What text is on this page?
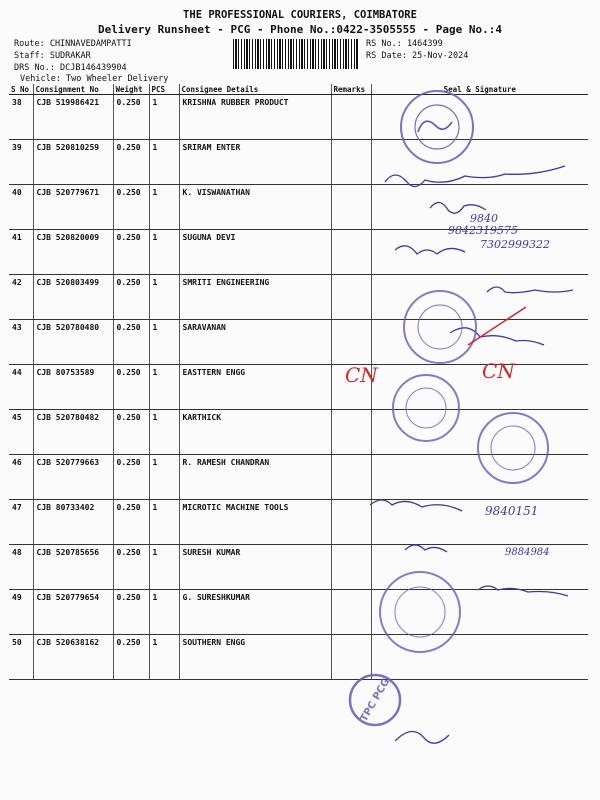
THE PROFESSIONAL COURIERS, COIMBATORE
Delivery Runsheet - PCG - Phone No.:0422-3505555 - Page No.:4
Route: CHINNAVEDAMPATTI
Staff: SUDRAKAR
DRS No.: DCJB146439904
Vehicle: Two Wheeler Delivery
RS No.: 1464399
RS Date: 25-Nov-2024
S No	Consignment No	Weight	PCS	Consignee Details	Remarks	Seal & Signature
38	CJB 519986421	0.250	1	KRISHNA RUBBER PRODUCT		
39	CJB 520810259	0.250	1	SRIRAM ENTER		
40	CJB 520779671	0.250	1	K. VISWANATHAN		
41	CJB 520820009	0.250	1	SUGUNA DEVI		
42	CJB 520803499	0.250	1	SMRITI ENGINEERING		
43	CJB 520780480	0.250	1	SARAVANAN		
44	CJB 80753589	0.250	1	EASTTERN ENGG		
45	CJB 520780482	0.250	1	KARTHICK		
46	CJB 520779663	0.250	1	R. RAMESH CHANDRAN		
47	CJB 80733402	0.250	1	MICROTIC MACHINE TOOLS		
48	CJB 520785656	0.250	1	SURESH KUMAR		
49	CJB 520779654	0.250	1	G. SURESHKUMAR		
50	CJB 520638162	0.250	1	SOUTHERN ENGG		
9840
9842319575
7302999322
9840151
9884984
CN	CN
TPC PCG
